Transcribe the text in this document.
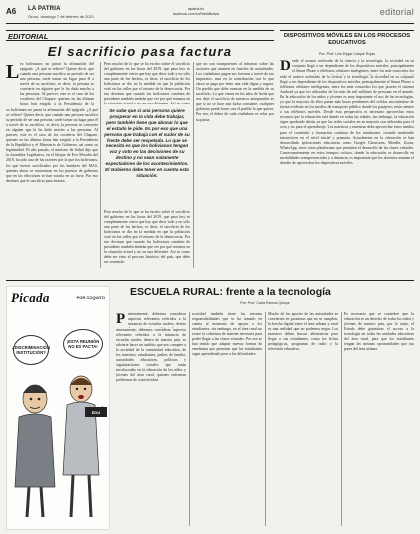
A6 LA PATRIA
Oruro, domingo 7 de febrero de 2021
lapatria.bo
facebook.com/LaPatriaBolivia	editorial
EDITORIAL
El sacrificio pasa factura
L os bolivianos no paran la afirmación del epígrafe. ¿A qué se refiere? Quiere decir, que cuando una persona sacrifica su período de ser una persona, suele tomar un lugar para él a través de su sacrificio, es decir, la persona se convierte en alguien que le ha dado mucho a las personas. Al parecer, este es el caso de los cocaleros del Chapare, quienes en las últimas horas han exigido a la Presidencia de la
os bolivianos no paran la afirmación del epígrafe. ¿A qué se refiere? Quiere decir, que cuando una persona sacrifica su período de ser una persona, suele tomar un lugar para él a través de su sacrificio, es decir, la persona se convierte en alguien que le ha dado mucho a las personas. Al parecer, este es el caso de los cocaleros del Chapare, quienes en las últimas horas han exigido a la Presidencia de la República y el Ministerio de Gobierno, así como su legitimidad. El año pasado, el ministro de Salud dijo que la Asamblea Legislativa, en el bloque de Evo Morales del 2019, ha sido una de las razones por la que los bolivianos, los que fueron sacrificados por los hombres del MAS, quienes ahora se encuentran en los puestos de gobierno que en las elecciones se han votado en su favor. Por eso decimos que el sacrificio pasa factura.
Pero mucho de lo que se ha escrito sobre el sacrificio del gobierno en las horas del 2019, que pasa hoy es completamente cierto que hay que decir todo y no sólo una parte de los hechos, es decir, el sacrificio de los bolivianos se dio en la medida en que la población votó en las calles por el retorno de la democracia. Por eso decimos que cuando los bolivianos cambien de presidente también tendrán que ver por qué estamos en
Se sabe que si una persona quiere prosperar en la vida debe trabajar, pero también tiene que abonar lo que el estado le pide. Es por eso que una persona que trabaja con el sudor de su frente debe ser respetada. Lo que se necesita es que los bolivianos tengan voz y voto en las decisiones de su destino y no sean solamente espectadores de los acontecimientos. El Gobierno debe tener en cuenta esta situación.
Pero mucho de lo que se ha escrito sobre el sacrificio del gobierno en las horas del 2019, que pasa hoy es completamente cierto que hay que decir todo y no sólo una parte de los hechos, es decir, el sacrificio de los bolivianos se dio en la medida en que la población votó en las calles por el retorno de la democracia. Por eso decimos que cuando los bolivianos cambien de presidente también tendrán que ver por qué estamos en la situación actual y no en una diferente. Así es como debe ser visto el proceso histórico del país, que debe ser sostenido.
que no son transparentes al informar sobre las acciones que asumen en función de autoridades. Los ciudadanos pagan sus facturas a través de sus impuestos, mas en la contribución con lo que ahora se paga por tener una vida digna y segura. Un pueblo que debe avanzar en la medida de su sacrificio. Lo que vimos en los años de lucha que nos dejó el sacrificio de nuestros antepasados es que si no se hace una lucha constante, cualquier gobierno puede hacer con el pueblo lo que quiera. Por eso, el deber de cada ciudadano es velar por su patria.
DISPOSITIVOS MÓVILES EN LOS PROCESOS EDUCATIVOS
Por: Prof. Luis Edgar Calque Rojas
D esde el avance acelerado de la ciencia y la tecnología, la sociedad en su conjunto llegó a ser dependiente de los dispositivos móviles, principalmente el Smart Phone o teléfonos celulares inteligentes, entre los más conocidos los
esde el avance acelerado de la ciencia y la tecnología, la sociedad en su conjunto llegó a ser dependiente de los dispositivos móviles, principalmente el Smart Phone o teléfonos celulares inteligentes, entre los más conocidos los que poseen el sistema Android ya que los utilizados de los más de mil millones de personas en el mundo. En la educación de los niños y jóvenes es muy importante el uso de las tecnologías, ya que la mayoría de ellos pasan más horas pendientes del celular, mostrándose de forma evidente en los medios de transporte público donde los pasajeros están atentos a sus teléfonos móviles. Desde esta perspectiva es necesario aprovechar estos recursos que la educación está dando en todas las edades, sin embargo, la educación sigue quedando detrás ya que las redes sociales en su mayoría son utilizadas para el ocio y no para el aprendizaje. Los maestros y maestras debe aprovechar estos medios para el contenido y formación continua de los estudiantes, creando materiales interactivos en el nivel inicial y primaria. Actualmente en la educación se han desarrollado aplicaciones educativas como Google Classroom, Moodle, Zoom, WhatsApp, entre otras plataformas que permiten el desarrollo de las clases virtuales. Consecuentemente en estos tiempos críticos, donde la educación se desarrolla en modalidades semipresenciales y a distancia, es importante que los docentes asuman el desafío de aprovechar los dispositivos móviles.
Picada	POR COQUITO
¿DISCRIMINACIÓN INSTITUCIÓN?
¡ESTA REUNIÓN NO ES PACTA!
EDU
ESCUELA RURAL: frente a la tecnología
Por: Prof. Carla Ramos Quispe
P rimeramente, debemos considerar aspectos relevantes referidos a la instancia de escuelas rurales, dentro
rimeramente, debemos considerar aspectos relevantes referidos a la instancia de escuelas rurales, dentro de nuestro país, se advierte hacer un análisis que nos compete a la sociedad de la comunidad educativa, de los maestros, estudiantes, padres de familia, autoridades educativas, políticas y organizaciones sociales que están involucradas en la educación de los niños y jóvenes del área rural, quienes enfrentan problemas de conectividad.
sociedad también tiene las mismas responsabilidades que se ha tomado en cuenta al momento de apoyar a los estudiantes, sin embargo, en el área rural no existe la cobertura de internet necesaria para poder llegar a las clases virtuales. Por eso se han tenido que adaptar nuevas formas de enseñanza que permitan que los estudiantes sigan aprendiendo pese a las dificultades.
Mucho de los aportes de las autoridades se convierten en promesas que no se cumplen, la brecha digital entre el área urbana y rural es una realidad que no podemos negar. Los maestros deben buscar alternativas para llegar a sus estudiantes, como las fichas pedagógicas, programas de radio y la televisión educativa.
Es necesario que se considere que la educación es un derecho de todos los niños y jóvenes de nuestro país, por lo tanto, el Estado debe garantizar el acceso a la tecnología en todas las unidades educativas del área rural, para que los estudiantes tengan las mismas oportunidades que sus pares del área urbana.
